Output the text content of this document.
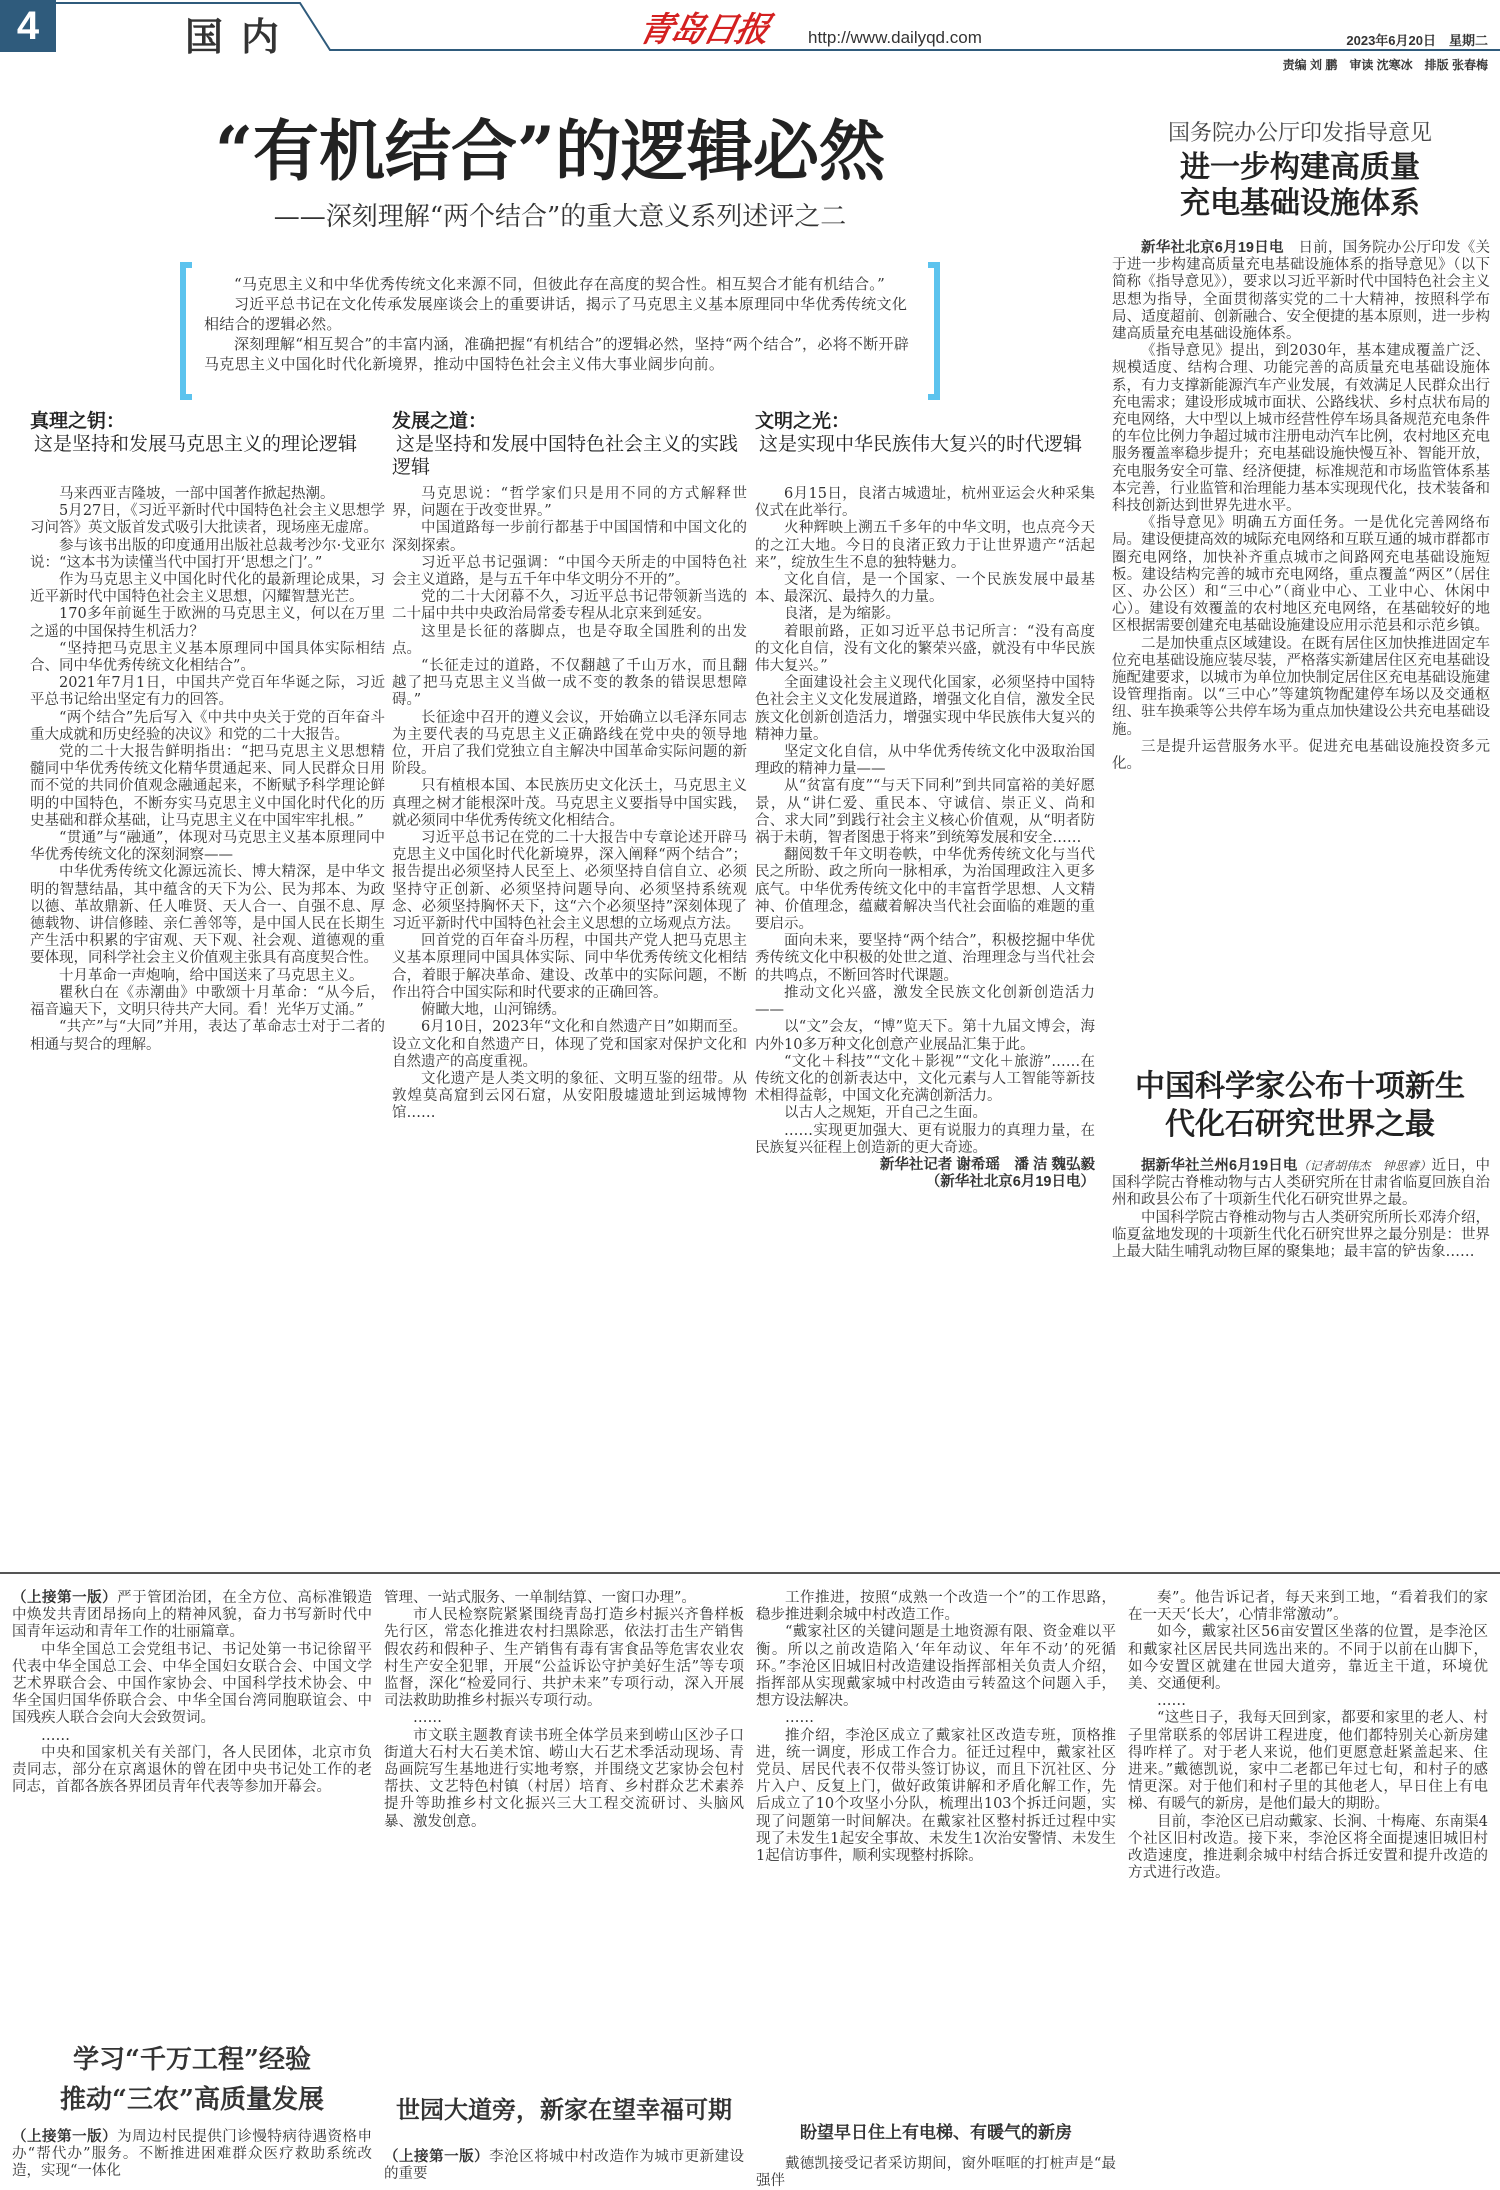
4	国内	青岛日报 http://www.dailyqd.com	2023年6月20日　星期二
责编 刘 鹏　审读 沈寒冰　排版 张春梅
“有机结合”的逻辑必然
——深刻理解“两个结合”的重大意义系列述评之二

“马克思主义和中华优秀传统文化来源不同，但彼此存在高度的契合性。相互契合才能有机结合。”

习近平总书记在文化传承发展座谈会上的重要讲话，揭示了马克思主义基本原理同中华优秀传统文化相结合的逻辑必然。

深刻理解“相互契合”的丰富内涵，准确把握“有机结合”的逻辑必然，坚持“两个结合”，必将不断开辟马克思主义中国化时代化新境界，推动中国特色社会主义伟大事业阔步向前。

真理之钥：
这是坚持和发展马克思主义的理论逻辑

马来西亚吉隆坡，一部中国著作掀起热潮。

5月27日，《习近平新时代中国特色社会主义思想学习问答》英文版首发式吸引大批读者，现场座无虚席。

参与该书出版的印度通用出版社总裁考沙尔·戈亚尔说：“这本书为读懂当代中国打开‘思想之门’。”

作为马克思主义中国化时代化的最新理论成果，习近平新时代中国特色社会主义思想，闪耀智慧光芒。

170多年前诞生于欧洲的马克思主义，何以在万里之遥的中国保持生机活力？

“坚持把马克思主义基本原理同中国具体实际相结合、同中华优秀传统文化相结合”。

2021年7月1日，中国共产党百年华诞之际，习近平总书记给出坚定有力的回答。

“两个结合”先后写入《中共中央关于党的百年奋斗重大成就和历史经验的决议》和党的二十大报告。

党的二十大报告鲜明指出：“把马克思主义思想精髓同中华优秀传统文化精华贯通起来、同人民群众日用而不觉的共同价值观念融通起来，不断赋予科学理论鲜明的中国特色，不断夯实马克思主义中国化时代化的历史基础和群众基础，让马克思主义在中国牢牢扎根。”

“贯通”与“融通”，体现对马克思主义基本原理同中华优秀传统文化的深刻洞察——

中华优秀传统文化源远流长、博大精深，是中华文明的智慧结晶，其中蕴含的天下为公、民为邦本、为政以德、革故鼎新、任人唯贤、天人合一、自强不息、厚德载物、讲信修睦、亲仁善邻等，是中国人民在长期生产生活中积累的宇宙观、天下观、社会观、道德观的重要体现，同科学社会主义价值观主张具有高度契合性。

十月革命一声炮响，给中国送来了马克思主义。

瞿秋白在《赤潮曲》中歌颂十月革命：“从今后，福音遍天下，文明只待共产大同。看！光华万丈涌。”

“共产”与“大同”并用，表达了革命志士对于二者的相通与契合的理解。

发展之道：
这是坚持和发展中国特色社会主义的实践逻辑

马克思说：“哲学家们只是用不同的方式解释世界，问题在于改变世界。”

中国道路每一步前行都基于中国国情和中国文化的深刻探索。

习近平总书记强调：“中国今天所走的中国特色社会主义道路，是与五千年中华文明分不开的”。

党的二十大闭幕不久，习近平总书记带领新当选的二十届中共中央政治局常委专程从北京来到延安。

这里是长征的落脚点，也是夺取全国胜利的出发点。

“长征走过的道路，不仅翻越了千山万水，而且翻越了把马克思主义当做一成不变的教条的错误思想障碍。”

长征途中召开的遵义会议，开始确立以毛泽东同志为主要代表的马克思主义正确路线在党中央的领导地位，开启了我们党独立自主解决中国革命实际问题的新阶段。

只有植根本国、本民族历史文化沃土，马克思主义真理之树才能根深叶茂。马克思主义要指导中国实践，就必须同中华优秀传统文化相结合。

习近平总书记在党的二十大报告中专章论述开辟马克思主义中国化时代化新境界，深入阐释“两个结合”；报告提出必须坚持人民至上、必须坚持自信自立、必须坚持守正创新、必须坚持问题导向、必须坚持系统观念、必须坚持胸怀天下，这“六个必须坚持”深刻体现了习近平新时代中国特色社会主义思想的立场观点方法。

回首党的百年奋斗历程，中国共产党人把马克思主义基本原理同中国具体实际、同中华优秀传统文化相结合，着眼于解决革命、建设、改革中的实际问题，不断作出符合中国实际和时代要求的正确回答。

俯瞰大地，山河锦绣。

6月10日，2023年“文化和自然遗产日”如期而至。设立文化和自然遗产日，体现了党和国家对保护文化和自然遗产的高度重视。

文化遗产是人类文明的象征、文明互鉴的纽带。从敦煌莫高窟到云冈石窟，从安阳殷墟遗址到运城博物馆……

文明之光：
这是实现中华民族伟大复兴的时代逻辑

6月15日，良渚古城遗址，杭州亚运会火种采集仪式在此举行。

火种辉映上溯五千多年的中华文明，也点亮今天的之江大地。今日的良渚正致力于让世界遗产“活起来”，绽放生生不息的独特魅力。

文化自信，是一个国家、一个民族发展中最基本、最深沉、最持久的力量。

良渚，是为缩影。

着眼前路，正如习近平总书记所言：“没有高度的文化自信，没有文化的繁荣兴盛，就没有中华民族伟大复兴。”

全面建设社会主义现代化国家，必须坚持中国特色社会主义文化发展道路，增强文化自信，激发全民族文化创新创造活力，增强实现中华民族伟大复兴的精神力量。

坚定文化自信，从中华优秀传统文化中汲取治国理政的精神力量——

从“贫富有度”“与天下同利”到共同富裕的美好愿景，从“讲仁爱、重民本、守诚信、崇正义、尚和合、求大同”到践行社会主义核心价值观，从“明者防祸于未萌，智者图患于将来”到统筹发展和安全……

翻阅数千年文明卷帙，中华优秀传统文化与当代民之所盼、政之所向一脉相承，为治国理政注入更多底气。中华优秀传统文化中的丰富哲学思想、人文精神、价值理念，蕴藏着解决当代社会面临的难题的重要启示。

面向未来，要坚持“两个结合”，积极挖掘中华优秀传统文化中积极的处世之道、治理理念与当代社会的共鸣点，不断回答时代课题。

推动文化兴盛，激发全民族文化创新创造活力——

以“文”会友，“博”览天下。第十九届文博会，海内外10多万种文化创意产业展品汇集于此。

“文化＋科技”“文化＋影视”“文化＋旅游”……在传统文化的创新表达中，文化元素与人工智能等新技术相得益彰，中国文化充满创新活力。

以古人之规矩，开自己之生面。

……实现更加强大、更有说服力的真理力量，在民族复兴征程上创造新的更大奇迹。

新华社记者 谢希瑶　潘 洁 魏弘毅

（新华社北京6月19日电）

国务院办公厅印发指导意见
进一步构建高质量充电基础设施体系

新华社北京6月19日电　 日前，国务院办公厅印发《关于进一步构建高质量充电基础设施体系的指导意见》（以下简称《指导意见》），要求以习近平新时代中国特色社会主义思想为指导，全面贯彻落实党的二十大精神，按照科学布局、适度超前、创新融合、安全便捷的基本原则，进一步构建高质量充电基础设施体系。

《指导意见》提出，到2030年，基本建成覆盖广泛、规模适度、结构合理、功能完善的高质量充电基础设施体系，有力支撑新能源汽车产业发展，有效满足人民群众出行充电需求；建设形成城市面状、公路线状、乡村点状布局的充电网络，大中型以上城市经营性停车场具备规范充电条件的车位比例力争超过城市注册电动汽车比例，农村地区充电服务覆盖率稳步提升；充电基础设施快慢互补、智能开放，充电服务安全可靠、经济便捷，标准规范和市场监管体系基本完善，行业监管和治理能力基本实现现代化，技术装备和科技创新达到世界先进水平。

《指导意见》明确五方面任务。一是优化完善网络布局。建设便捷高效的城际充电网络和互联互通的城市群都市圈充电网络，加快补齐重点城市之间路网充电基础设施短板。建设结构完善的城市充电网络，重点覆盖“两区”（居住区、办公区）和“三中心”（商业中心、工业中心、休闲中心）。建设有效覆盖的农村地区充电网络，在基础较好的地区根据需要创建充电基础设施建设应用示范县和示范乡镇。

二是加快重点区域建设。在既有居住区加快推进固定车位充电基础设施应装尽装，严格落实新建居住区充电基础设施配建要求，以城市为单位加快制定居住区充电基础设施建设管理指南。以“三中心”等建筑物配建停车场以及交通枢纽、驻车换乘等公共停车场为重点加快建设公共充电基础设施。

三是提升运营服务水平。促进充电基础设施投资多元化。

中国科学家公布十项新生代化石研究世界之最

据新华社兰州6月19日电（记者胡伟杰　钟思睿）近日，中国科学院古脊椎动物与古人类研究所在甘肃省临夏回族自治州和政县公布了十项新生代化石研究世界之最。

中国科学院古脊椎动物与古人类研究所所长邓涛介绍，临夏盆地发现的十项新生代化石研究世界之最分别是：世界上最大陆生哺乳动物巨犀的聚集地；最丰富的铲齿象……

（上接第一版）严于管团治团，在全方位、高标准锻造中焕发共青团昂扬向上的精神风貌，奋力书写新时代中国青年运动和青年工作的壮丽篇章。

中华全国总工会党组书记、书记处第一书记徐留平代表中华全国总工会、中华全国妇女联合会、中国文学艺术界联合会、中国作家协会、中国科学技术协会、中华全国归国华侨联合会、中华全国台湾同胞联谊会、中国残疾人联合会向大会致贺词。

……

中央和国家机关有关部门，各人民团体，北京市负责同志，部分在京离退休的曾在团中央书记处工作的老同志，首都各族各界团员青年代表等参加开幕会。

学习“千万工程”经验
推动“三农”高质量发展

（上接第一版）为周边村民提供门诊慢特病待遇资格申办“帮代办”服务。不断推进困难群众医疗救助系统改造，实现“一体化

管理、一站式服务、一单制结算、一窗口办理”。

市人民检察院紧紧围绕青岛打造乡村振兴齐鲁样板先行区，常态化推进农村扫黑除恶，依法打击生产销售假农药和假种子、生产销售有毒有害食品等危害农业农村生产安全犯罪，开展“公益诉讼守护美好生活”等专项监督，深化“检爱同行、共护未来”专项行动，深入开展司法救助助推乡村振兴专项行动。

……

市文联主题教育读书班全体学员来到崂山区沙子口街道大石村大石美术馆、崂山大石艺术季活动现场、青岛画院写生基地进行实地考察，并围绕文艺家协会包村帮扶、文艺特色村镇（村居）培育、乡村群众艺术素养提升等助推乡村文化振兴三大工程交流研讨、头脑风暴、激发创意。

世园大道旁，新家在望幸福可期

（上接第一版）李沧区将城中村改造作为城市更新建设的重要

工作推进，按照“成熟一个改造一个”的工作思路，稳步推进剩余城中村改造工作。

“戴家社区的关键问题是土地资源有限、资金难以平衡。所以之前改造陷入‘年年动议、年年不动’的死循环。”李沧区旧城旧村改造建设指挥部相关负责人介绍，指挥部从实现戴家城中村改造由亏转盈这个问题入手，想方设法解决。

……

推介绍，李沧区成立了戴家社区改造专班，顶格推进，统一调度，形成工作合力。征迁过程中，戴家社区党员、居民代表不仅带头签订协议，而且下沉社区、分片入户、反复上门，做好政策讲解和矛盾化解工作，先后成立了10个攻坚小分队，梳理出103个拆迁问题，实现了问题第一时间解决。在戴家社区整村拆迁过程中实现了未发生1起安全事故、未发生1次治安警情、未发生1起信访事件，顺利实现整村拆除。

盼望早日住上有电梯、有暖气的新房

戴德凯接受记者采访期间，窗外哐哐的打桩声是“最强伴

奏”。他告诉记者，每天来到工地，“看着我们的家在一天天‘长大’，心情非常激动”。

如今，戴家社区56亩安置区坐落的位置，是李沧区和戴家社区居民共同选出来的。不同于以前在山脚下，如今安置区就建在世园大道旁，靠近主干道，环境优美、交通便利。

……

“这些日子，我每天回到家，都要和家里的老人、村子里常联系的邻居讲工程进度，他们都特别关心新房建得咋样了。对于老人来说，他们更愿意赶紧盖起来、住进来。”戴德凯说，家中二老都已年过七旬，和村子的感情更深。对于他们和村子里的其他老人，早日住上有电梯、有暖气的新房，是他们最大的期盼。

目前，李沧区已启动戴家、长涧、十梅庵、东南渠4个社区旧村改造。接下来，李沧区将全面提速旧城旧村改造速度，推进剩余城中村结合拆迁安置和提升改造的方式进行改造。
